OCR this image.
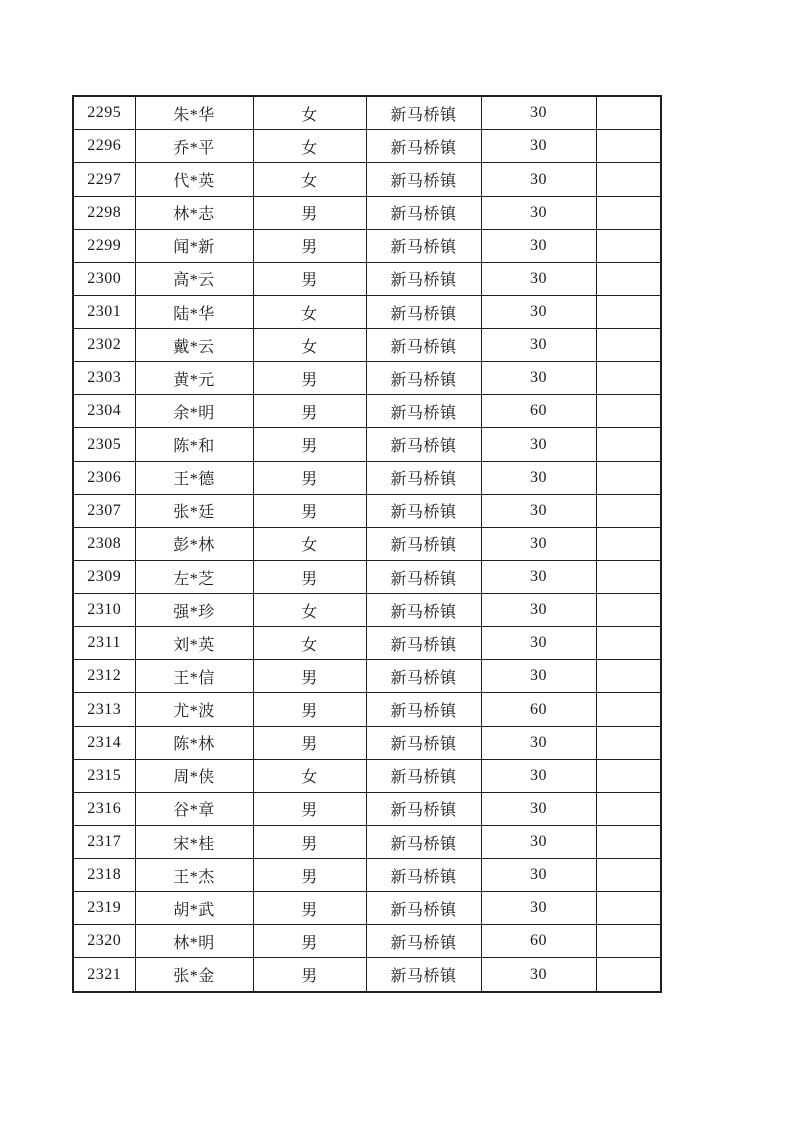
2295	朱*华	女	新马桥镇	30	
2296	乔*平	女	新马桥镇	30	
2297	代*英	女	新马桥镇	30	
2298	林*志	男	新马桥镇	30	
2299	闻*新	男	新马桥镇	30	
2300	高*云	男	新马桥镇	30	
2301	陆*华	女	新马桥镇	30	
2302	戴*云	女	新马桥镇	30	
2303	黄*元	男	新马桥镇	30	
2304	余*明	男	新马桥镇	60	
2305	陈*和	男	新马桥镇	30	
2306	王*德	男	新马桥镇	30	
2307	张*廷	男	新马桥镇	30	
2308	彭*林	女	新马桥镇	30	
2309	左*芝	男	新马桥镇	30	
2310	强*珍	女	新马桥镇	30	
2311	刘*英	女	新马桥镇	30	
2312	王*信	男	新马桥镇	30	
2313	尤*波	男	新马桥镇	60	
2314	陈*林	男	新马桥镇	30	
2315	周*侠	女	新马桥镇	30	
2316	谷*章	男	新马桥镇	30	
2317	宋*桂	男	新马桥镇	30	
2318	王*杰	男	新马桥镇	30	
2319	胡*武	男	新马桥镇	30	
2320	林*明	男	新马桥镇	60	
2321	张*金	男	新马桥镇	30	
